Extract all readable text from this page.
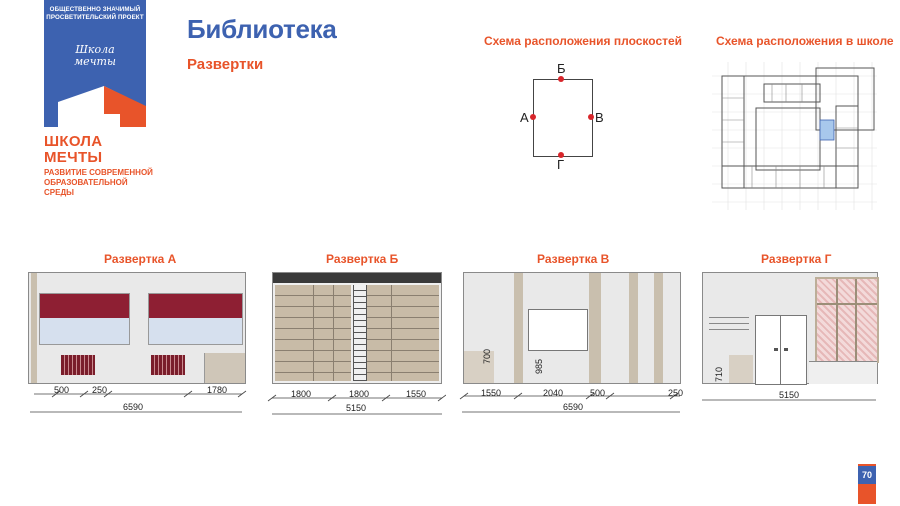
ОБЩЕСТВЕННО ЗНАЧИМЫЙ
ПРОСВЕТИТЕЛЬСКИЙ ПРОЕКТ
Школа
мечты
ШКОЛА МЕЧТЫ
РАЗВИТИЕ СОВРЕМЕННОЙ
ОБРАЗОВАТЕЛЬНОЙ СРЕДЫ
Библиотека
Развертки
Схема расположения плоскостей
Б
Г
А	В
Схема расположения в школе
Развертка А	Развертка Б	Развертка В	Развертка Г
500	250	1780
6590
1800	1800	1550
5150
1550	2040	500	250
6590
700
985
5150
710
70
